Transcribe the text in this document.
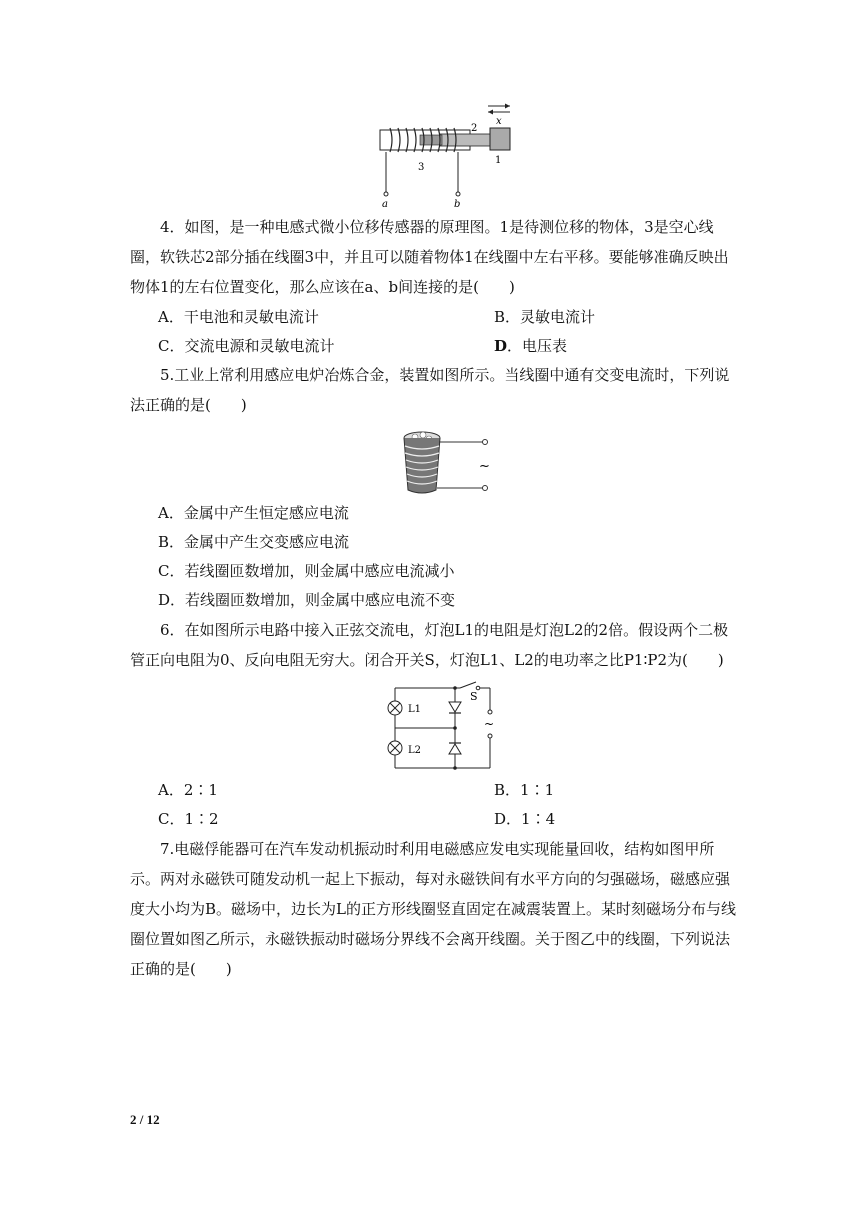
x
2
3
1
a	b

4．如图，是一种电感式微小位移传感器的原理图。1是待测位移的物体，3是空心线圈，软铁芯2部分插在线圈3中，并且可以随着物体1在线圈中左右平移。要能够准确反映出物体1的左右位置变化，那么应该在a、b间连接的是(　　)

A．干电池和灵敏电流计	B．灵敏电流计
C．交流电源和灵敏电流计	D．电压表

5.工业上常利用感应电炉冶炼合金，装置如图所示。当线圈中通有交变电流时，下列说法正确的是(　　)

~
A．金属中产生恒定感应电流
B．金属中产生交变感应电流
C．若线圈匝数增加，则金属中感应电流减小
D．若线圈匝数增加，则金属中感应电流不变

6．在如图所示电路中接入正弦交流电，灯泡L1的电阻是灯泡L2的2倍。假设两个二极管正向电阻为0、反向电阻无穷大。闭合开关S，灯泡L1、L2的电功率之比P1∶P2为(　　)

S
L1
L2
~
A．2∶1	B．1∶1
C．1∶2	D．1∶4

7.电磁俘能器可在汽车发动机振动时利用电磁感应发电实现能量回收，结构如图甲所示。两对永磁铁可随发动机一起上下振动，每对永磁铁间有水平方向的匀强磁场，磁感应强度大小均为B。磁场中，边长为L的正方形线圈竖直固定在减震装置上。某时刻磁场分布与线圈位置如图乙所示，永磁铁振动时磁场分界线不会离开线圈。关于图乙中的线圈，下列说法正确的是(　　)

2 / 12
